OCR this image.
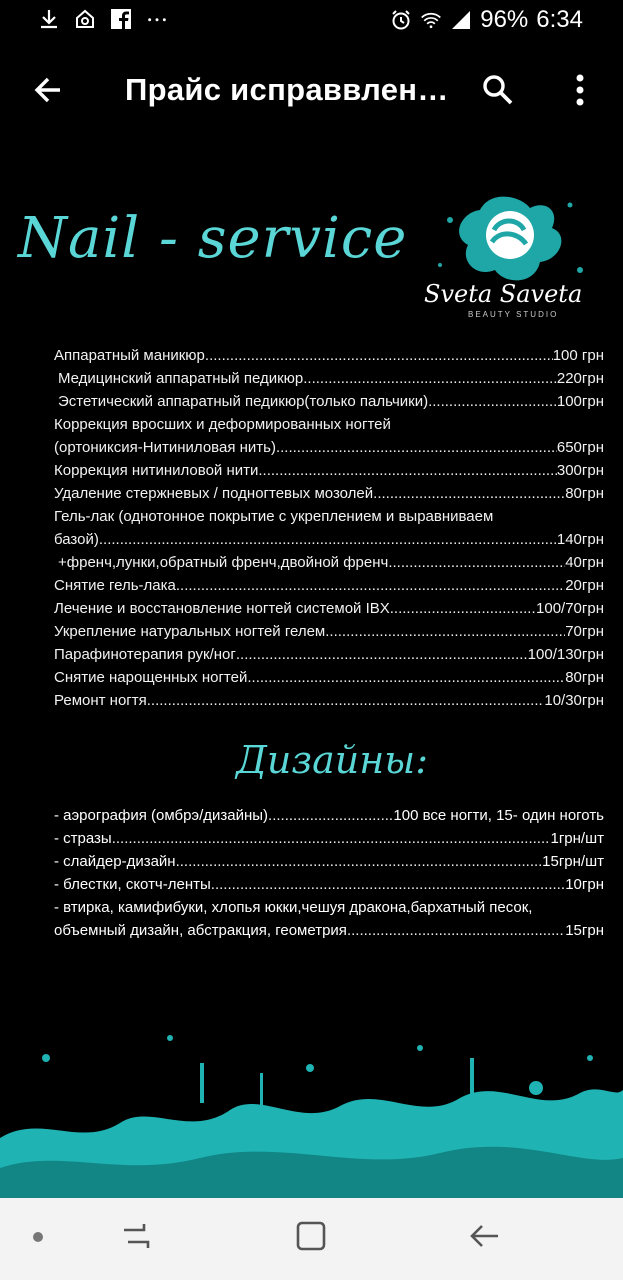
96% 6:34
Прайс исправвлен…
Nail - service
Sveta Saveta
BEAUTY STUDIO
Аппаратный маникюр .....	100 грн
Медицинский аппаратный педикюр .....	220грн
Эстетический аппаратный педикюр(только пальчики) .....	100грн
Коррекция вросших и деформированных ногтей
(ортониксия-Нитиниловая нить) .....	650грн
Коррекция нитиниловой нити .....	300грн
Удаление стержневых / подногтевых мозолей .....	80грн
Гель-лак (однотонное покрытие с укреплением и выравниваем
базой) .....	140грн
+френч,лунки,обратный френч,двойной френч .....	40грн
Снятие гель-лака .....	20грн
Лечение и восстановление ногтей системой IBX .....	100/70грн
Укрепление натуральных ногтей гелем .....	70грн
Парафинотерапия рук/ног .....	100/130грн
Снятие нарощенных ногтей .....	80грн
Ремонт ногтя .....	10/30грн
Дизайны:
- аэрография (омбрэ/дизайны) .....	100 все ногти, 15- один ноготь
- стразы .....	1грн/шт
- слайдер-дизайн .....	15грн/шт
- блестки, скотч-ленты .....	10грн
- втирка, камифибуки, хлопья юкки,чешуя дракона,бархатный песок,
объемный дизайн, абстракция, геометрия .....	15грн
